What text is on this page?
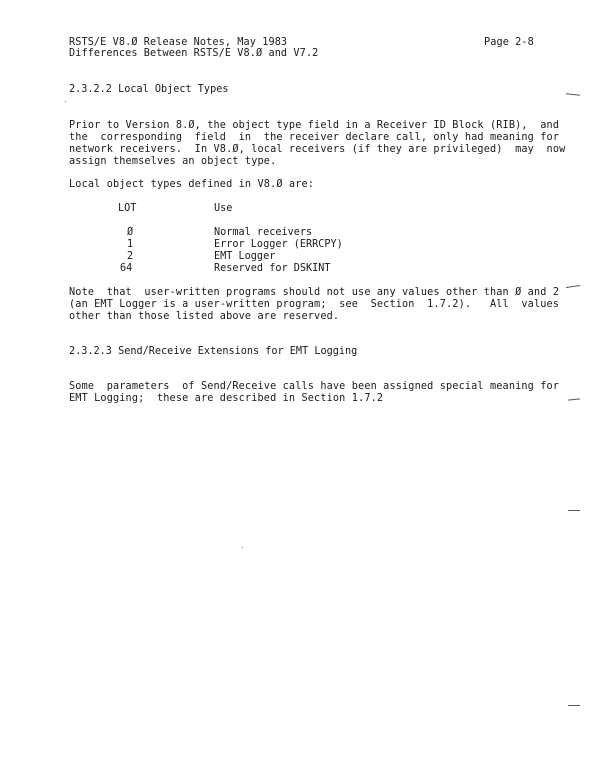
RSTS/E V8.Ø Release Notes, May 1983
Differences Between RSTS/E V8.Ø and V7.2
Page 2-8
2.3.2.2 Local Object Types
Prior to Version 8.Ø, the object type field in a Receiver ID Block (RIB),  and
the  corresponding  field  in  the receiver declare call, only had meaning for
network receivers.  In V8.Ø, local receivers (if they are privileged)  may  now
assign themselves an object type.
Local object types defined in V8.Ø are:
LOT	Use
Ø	Normal receivers
1	Error Logger (ERRCPY)
2	EMT Logger
64	Reserved for DSKINT
Note  that  user-written programs should not use any values other than Ø and 2
(an EMT Logger is a user-written program;  see  Section  1.7.2).   All  values
other than those listed above are reserved.
2.3.2.3 Send/Receive Extensions for EMT Logging
Some  parameters  of Send/Receive calls have been assigned special meaning for
EMT Logging;  these are described in Section 1.7.2
